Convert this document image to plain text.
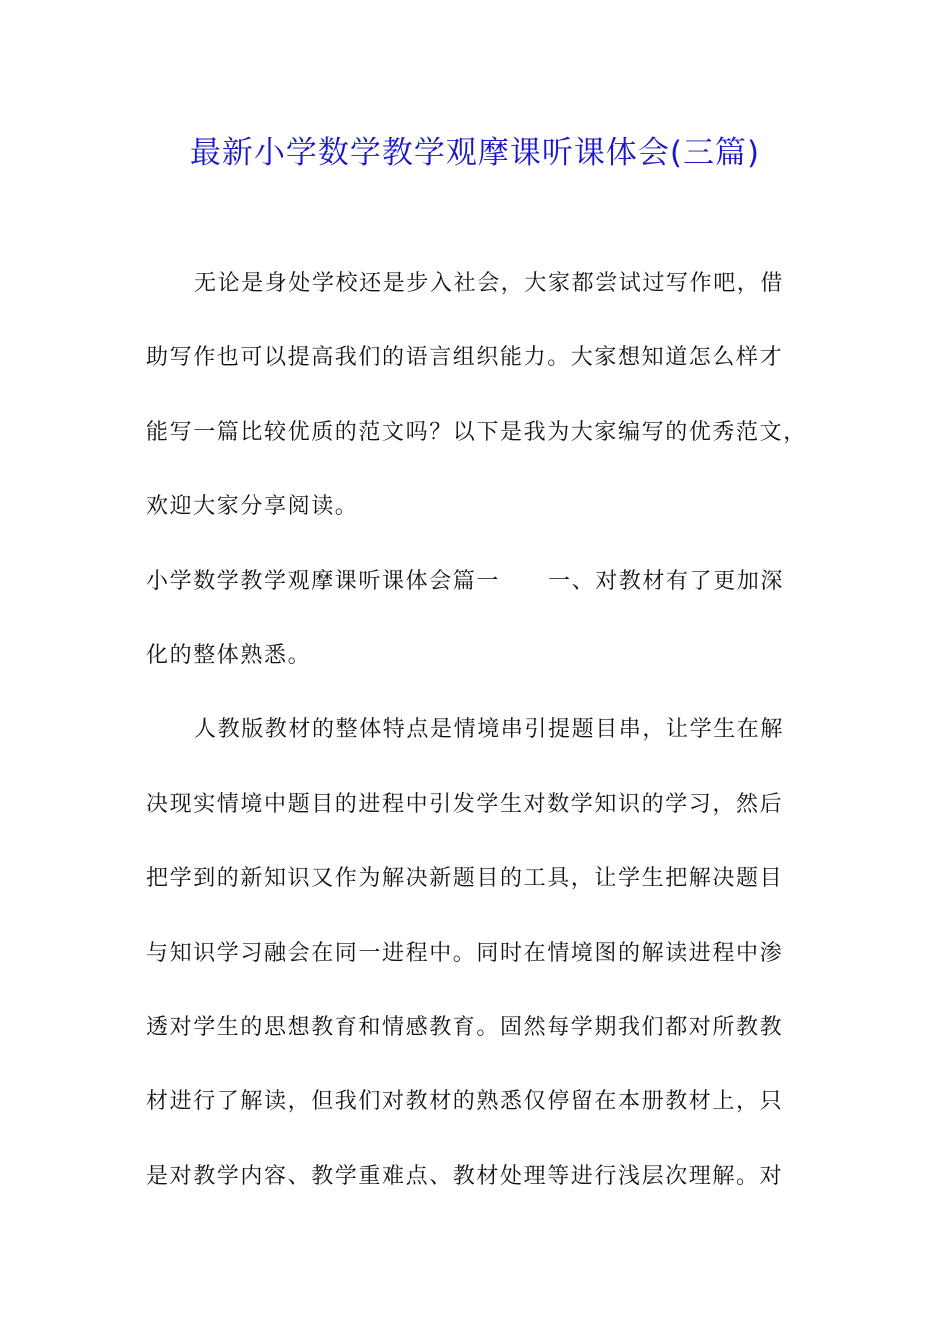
最新小学数学教学观摩课听课体会(三篇)
无论是身处学校还是步入社会，大家都尝试过写作吧，借
助写作也可以提高我们的语言组织能力。大家想知道怎么样才
能写一篇比较优质的范文吗？以下是我为大家编写的优秀范文，
欢迎大家分享阅读。
小学数学教学观摩课听课体会篇一 一、对教材有了更加深
化的整体熟悉。
人教版教材的整体特点是情境串引提题目串，让学生在解
决现实情境中题目的进程中引发学生对数学知识的学习，然后
把学到的新知识又作为解决新题目的工具，让学生把解决题目
与知识学习融会在同一进程中。同时在情境图的解读进程中渗
透对学生的思想教育和情感教育。固然每学期我们都对所教教
材进行了解读，但我们对教材的熟悉仅停留在本册教材上，只
是对教学内容、教学重难点、教材处理等进行浅层次理解。对
